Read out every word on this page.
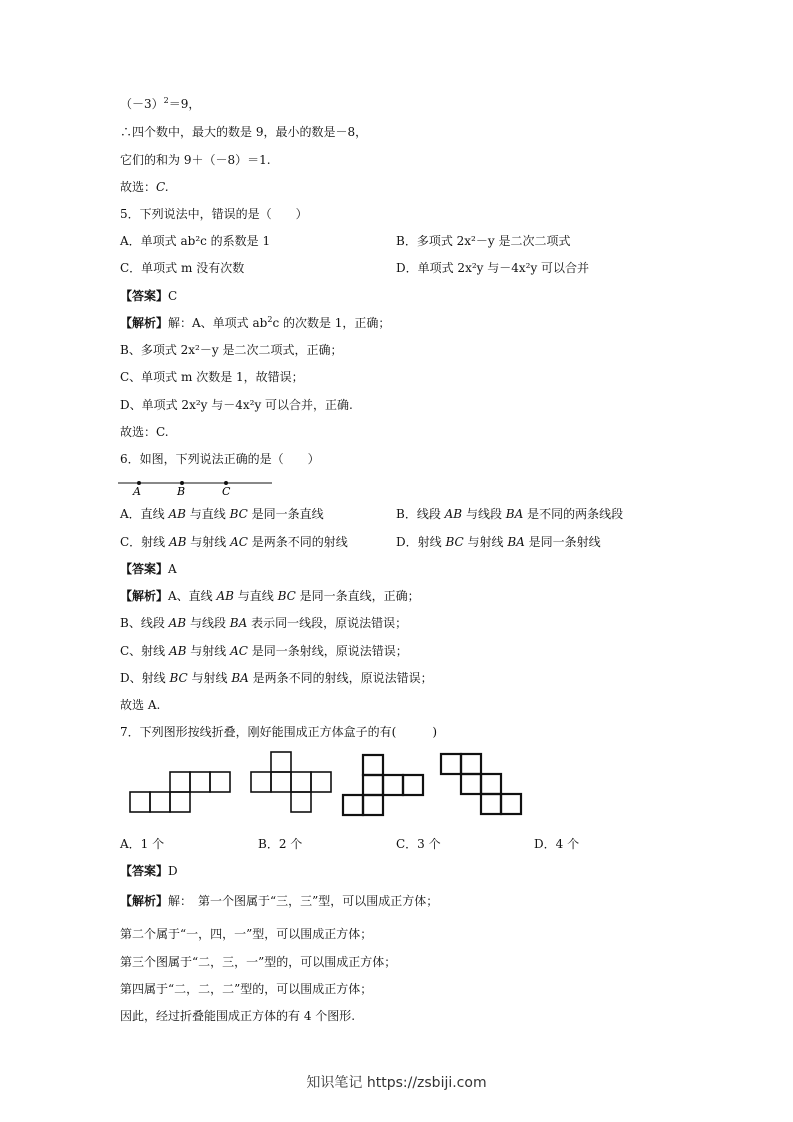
$(-3)^2=9$，
∴四个数中，最大的数是 9，最小的数是－8，
它们的和为 9＋（－8）＝1.
故选：C.
5．下列说法中，错误的是（　　）
A．单项式 ab²c 的系数是 1	B．多项式 2x²－y 是二次二项式
C．单项式 m 没有次数	D．单项式 2x²y 与－4x²y 可以合并
【答案】C
【解析】解：A、单项式 $ab^2c$ 的次数是 1，正确；
B、多项式 2x²－y 是二次二项式，正确；
C、单项式 m 次数是 1，故错误；
D、单项式 2x²y 与－4x²y 可以合并，正确.
故选：C.
6．如图，下列说法正确的是（　　）
A	B	C
A．直线 AB 与直线 BC 是同一条直线	B．线段 AB 与线段 BA 是不同的两条线段
C．射线 AB 与射线 AC 是两条不同的射线	D．射线 BC 与射线 BA 是同一条射线
【答案】A
【解析】A、直线 AB 与直线 BC 是同一条直线，正确；
B、线段 AB 与线段 BA 表示同一线段，原说法错误；
C、射线 AB 与射线 AC 是同一条射线，原说法错误；
D、射线 BC 与射线 BA 是两条不同的射线，原说法错误；
故选 A.
7．下列图形按线折叠，刚好能围成正方体盒子的有(　　　)
A．1 个	B．2 个	C．3 个	D．4 个
【答案】D
【解析】解：　第一个图属于“三，三”型，可以围成正方体；
第二个属于“一，四，一”型，可以围成正方体；
第三个图属于“二，三，一”型的，可以围成正方体；
第四属于“二，二，二”型的，可以围成正方体；
因此，经过折叠能围成正方体的有 4 个图形.
知识笔记 https://zsbiji.com
